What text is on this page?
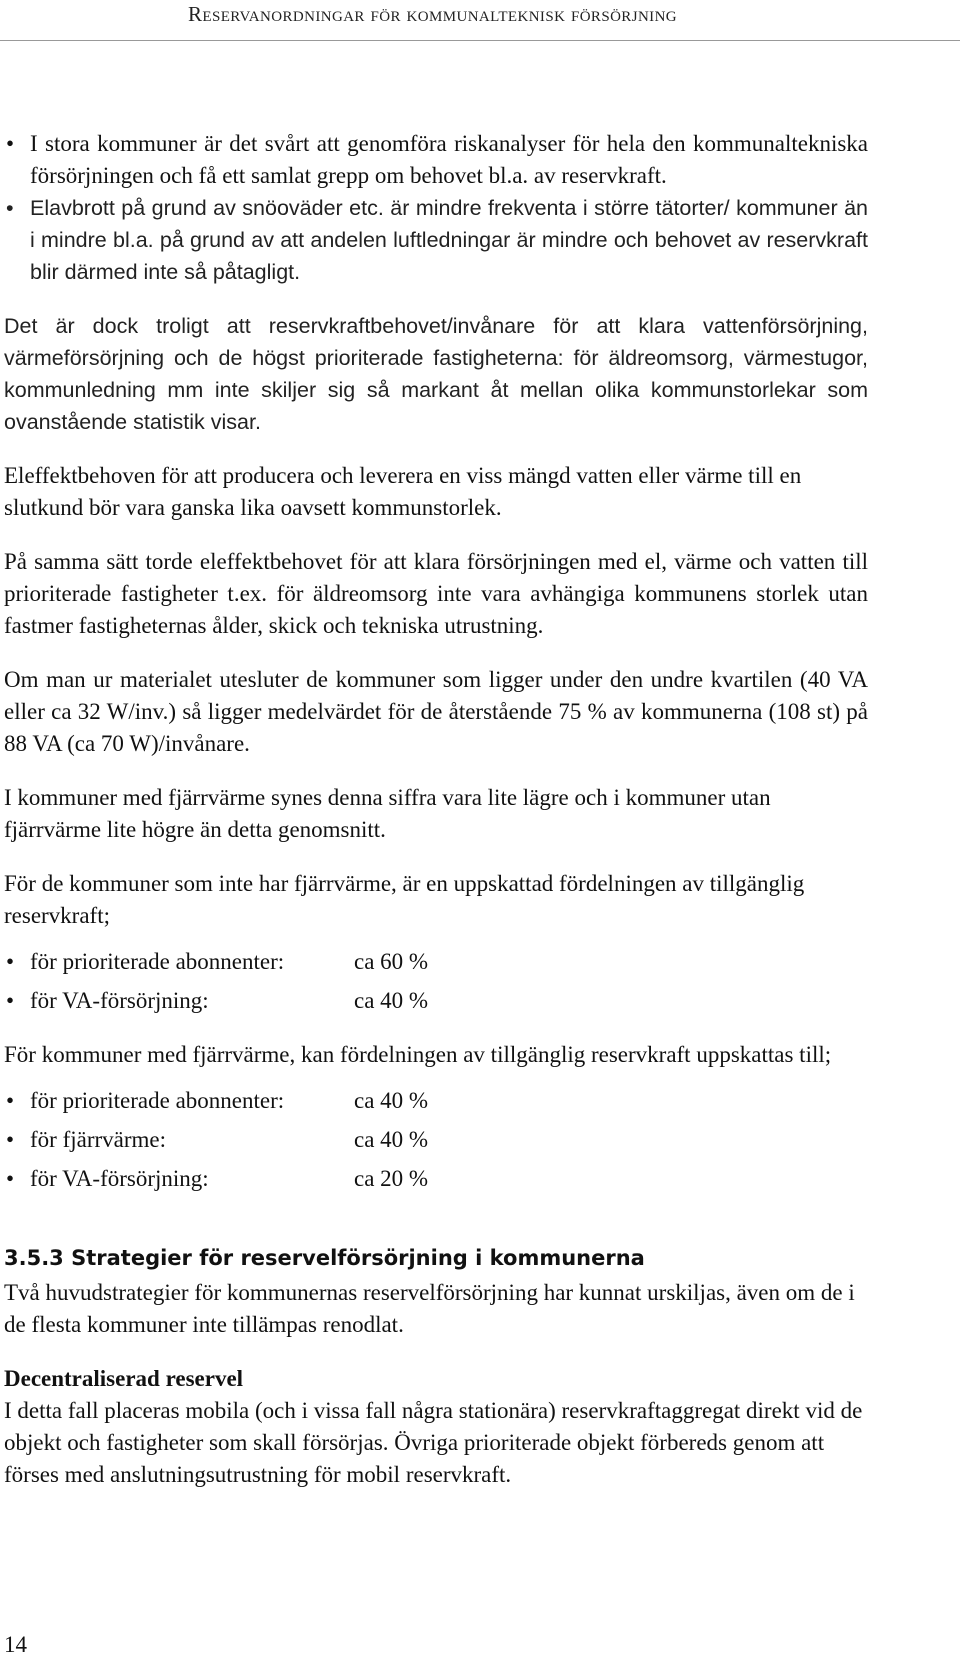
Reservanordningar för kommunalteknisk försörjning
• I stora kommuner är det svårt att genomföra riskanalyser för hela den kommunaltekniska försörjningen och få ett samlat grepp om behovet bl.a. av reservkraft.
• Elavbrott på grund av snöoväder etc. är mindre frekventa i större tätorter/ kommuner än i mindre bl.a. på grund av att andelen luftledningar är mindre och behovet av reservkraft blir därmed inte så påtagligt.

Det är dock troligt att reservkraftbehovet/invånare för att klara vattenförsörjning, värmeförsörjning och de högst prioriterade fastigheterna: för äldreomsorg, värmestugor, kommunledning mm inte skiljer sig så markant åt mellan olika kommunstorlekar som ovanstående statistik visar.

Eleffektbehoven för att producera och leverera en viss mängd vatten eller värme till en slutkund bör vara ganska lika oavsett kommunstorlek.

På samma sätt torde eleffektbehovet för att klara försörjningen med el, värme och vatten till prioriterade fastigheter t.ex. för äldreomsorg inte vara avhängiga kommunens storlek utan fastmer fastigheternas ålder, skick och tekniska utrustning.

Om man ur materialet utesluter de kommuner som ligger under den undre kvartilen (40 VA eller ca 32 W/inv.) så ligger medelvärdet för de återstående 75 % av kommunerna (108 st) på 88 VA (ca 70 W)/invånare.

I kommuner med fjärrvärme synes denna siffra vara lite lägre och i kommuner utan fjärrvärme lite högre än detta genomsnitt.

För de kommuner som inte har fjärrvärme, är en uppskattad fördelningen av tillgänglig reservkraft;

• för prioriterade abonnenter:	ca 60 %
• för VA-försörjning:	ca 40 %

För kommuner med fjärrvärme, kan fördelningen av tillgänglig reservkraft uppskattas till;

• för prioriterade abonnenter:	ca 40 %
• för fjärrvärme:	ca 40 %
• för VA-försörjning:	ca 20 %
3.5.3 Strategier för reservelförsörjning i kommunerna

Två huvudstrategier för kommunernas reservelförsörjning har kunnat urskiljas, även om de i de flesta kommuner inte tillämpas renodlat.

Decentraliserad reservel

I detta fall placeras mobila (och i vissa fall några stationära) reservkraftaggregat direkt vid de objekt och fastigheter som skall försörjas. Övriga prioriterade objekt förbereds genom att förses med anslutningsutrustning för mobil reservkraft.

14
